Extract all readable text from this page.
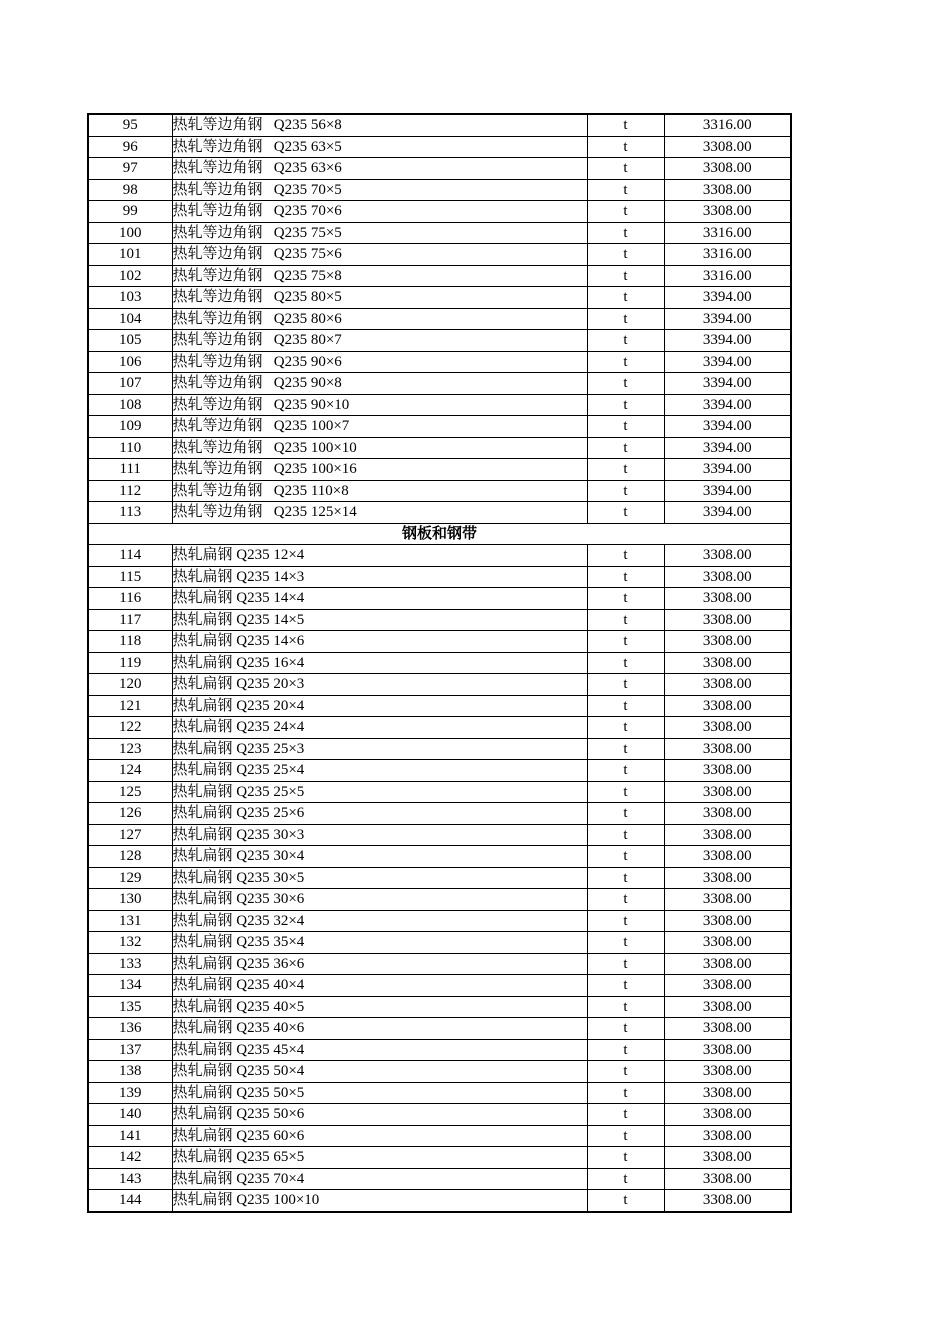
95	热轧等边角钢   Q235 56×8	t	3316.00
96	热轧等边角钢   Q235 63×5	t	3308.00
97	热轧等边角钢   Q235 63×6	t	3308.00
98	热轧等边角钢   Q235 70×5	t	3308.00
99	热轧等边角钢   Q235 70×6	t	3308.00
100	热轧等边角钢   Q235 75×5	t	3316.00
101	热轧等边角钢   Q235 75×6	t	3316.00
102	热轧等边角钢   Q235 75×8	t	3316.00
103	热轧等边角钢   Q235 80×5	t	3394.00
104	热轧等边角钢   Q235 80×6	t	3394.00
105	热轧等边角钢   Q235 80×7	t	3394.00
106	热轧等边角钢   Q235 90×6	t	3394.00
107	热轧等边角钢   Q235 90×8	t	3394.00
108	热轧等边角钢   Q235 90×10	t	3394.00
109	热轧等边角钢   Q235 100×7	t	3394.00
110	热轧等边角钢   Q235 100×10	t	3394.00
111	热轧等边角钢   Q235 100×16	t	3394.00
112	热轧等边角钢   Q235 110×8	t	3394.00
113	热轧等边角钢   Q235 125×14	t	3394.00
钢板和钢带			
114	热轧扁钢 Q235 12×4	t	3308.00
115	热轧扁钢 Q235 14×3	t	3308.00
116	热轧扁钢 Q235 14×4	t	3308.00
117	热轧扁钢 Q235 14×5	t	3308.00
118	热轧扁钢 Q235 14×6	t	3308.00
119	热轧扁钢 Q235 16×4	t	3308.00
120	热轧扁钢 Q235 20×3	t	3308.00
121	热轧扁钢 Q235 20×4	t	3308.00
122	热轧扁钢 Q235 24×4	t	3308.00
123	热轧扁钢 Q235 25×3	t	3308.00
124	热轧扁钢 Q235 25×4	t	3308.00
125	热轧扁钢 Q235 25×5	t	3308.00
126	热轧扁钢 Q235 25×6	t	3308.00
127	热轧扁钢 Q235 30×3	t	3308.00
128	热轧扁钢 Q235 30×4	t	3308.00
129	热轧扁钢 Q235 30×5	t	3308.00
130	热轧扁钢 Q235 30×6	t	3308.00
131	热轧扁钢 Q235 32×4	t	3308.00
132	热轧扁钢 Q235 35×4	t	3308.00
133	热轧扁钢 Q235 36×6	t	3308.00
134	热轧扁钢 Q235 40×4	t	3308.00
135	热轧扁钢 Q235 40×5	t	3308.00
136	热轧扁钢 Q235 40×6	t	3308.00
137	热轧扁钢 Q235 45×4	t	3308.00
138	热轧扁钢 Q235 50×4	t	3308.00
139	热轧扁钢 Q235 50×5	t	3308.00
140	热轧扁钢 Q235 50×6	t	3308.00
141	热轧扁钢 Q235 60×6	t	3308.00
142	热轧扁钢 Q235 65×5	t	3308.00
143	热轧扁钢 Q235 70×4	t	3308.00
144	热轧扁钢 Q235 100×10	t	3308.00
